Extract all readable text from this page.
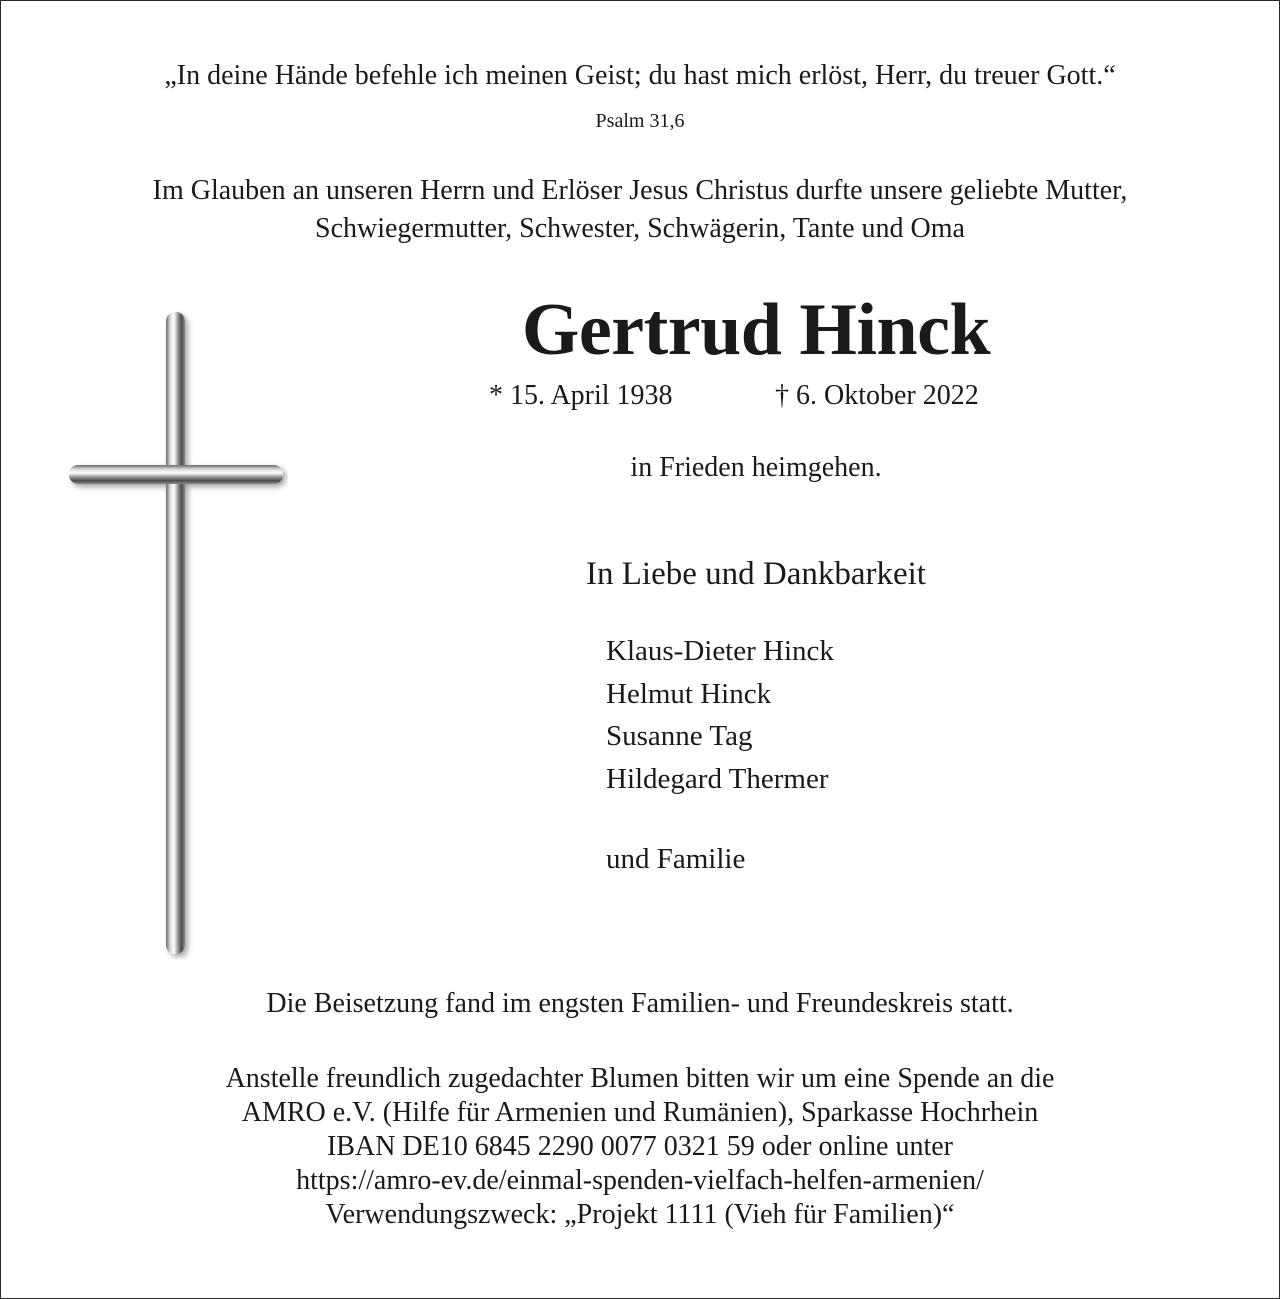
„In deine Hände befehle ich meinen Geist; du hast mich erlöst, Herr, du treuer Gott.“
Psalm 31,6
Im Glauben an unseren Herrn und Erlöser Jesus Christus durfte unsere geliebte Mutter,
Schwiegermutter, Schwester, Schwägerin, Tante und Oma
Gertrud Hinck
* 15. April 1938	† 6. Oktober 2022
in Frieden heimgehen.
In Liebe und Dankbarkeit
Klaus-Dieter Hinck
Helmut Hinck
Susanne Tag
Hildegard Thermer
und Familie
Die Beisetzung fand im engsten Familien- und Freundeskreis statt.
Anstelle freundlich zugedachter Blumen bitten wir um eine Spende an die
AMRO e.V. (Hilfe für Armenien und Rumänien), Sparkasse Hochrhein
IBAN DE10 6845 2290 0077 0321 59 oder online unter
https://amro-ev.de/einmal-spenden-vielfach-helfen-armenien/
Verwendungszweck: „Projekt 1111 (Vieh für Familien)“
